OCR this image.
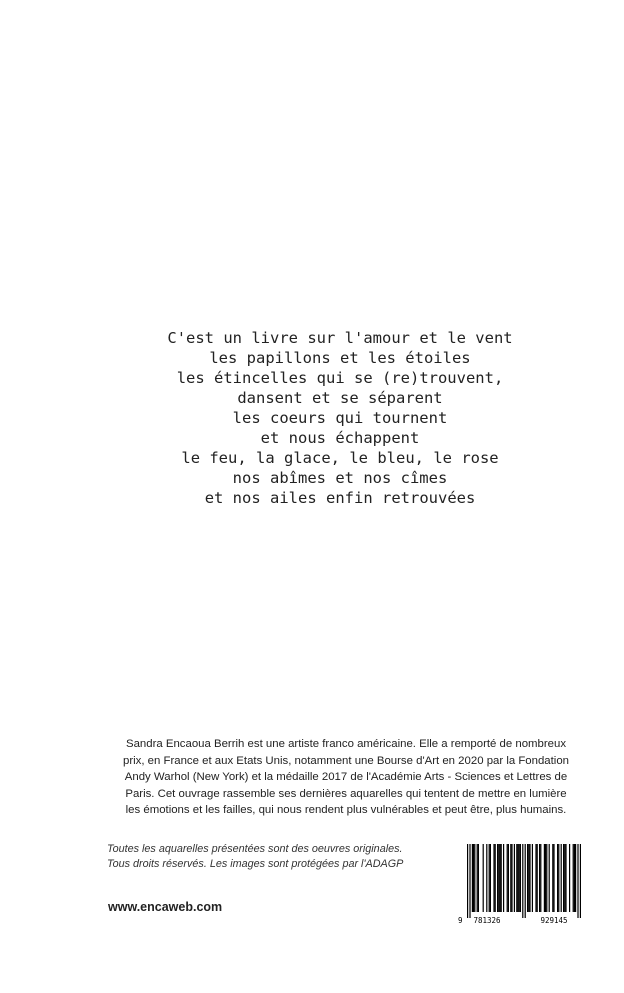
C'est un livre sur l'amour et le vent
les papillons et les étoiles
les étincelles qui se (re)trouvent,
dansent et se séparent
les coeurs qui tournent
et nous échappent
le feu, la glace, le bleu, le rose
nos abîmes et nos cîmes
et nos ailes enfin retrouvées
Sandra Encaoua Berrih est une artiste franco américaine. Elle a remporté de nombreux
prix, en France et aux Etats Unis, notamment une Bourse d'Art en 2020 par la Fondation
Andy Warhol (New York) et la médaille 2017 de l'Académie Arts - Sciences et Lettres de
Paris. Cet ouvrage rassemble ses dernières aquarelles qui tentent de mettre en lumière
les émotions et les failles, qui nous rendent plus vulnérables et peut être, plus humains.
Toutes les aquarelles présentées sont des oeuvres originales.
Tous droits réservés. Les images sont protégées par l'ADAGP
www.encaweb.com
9 781326	929145
